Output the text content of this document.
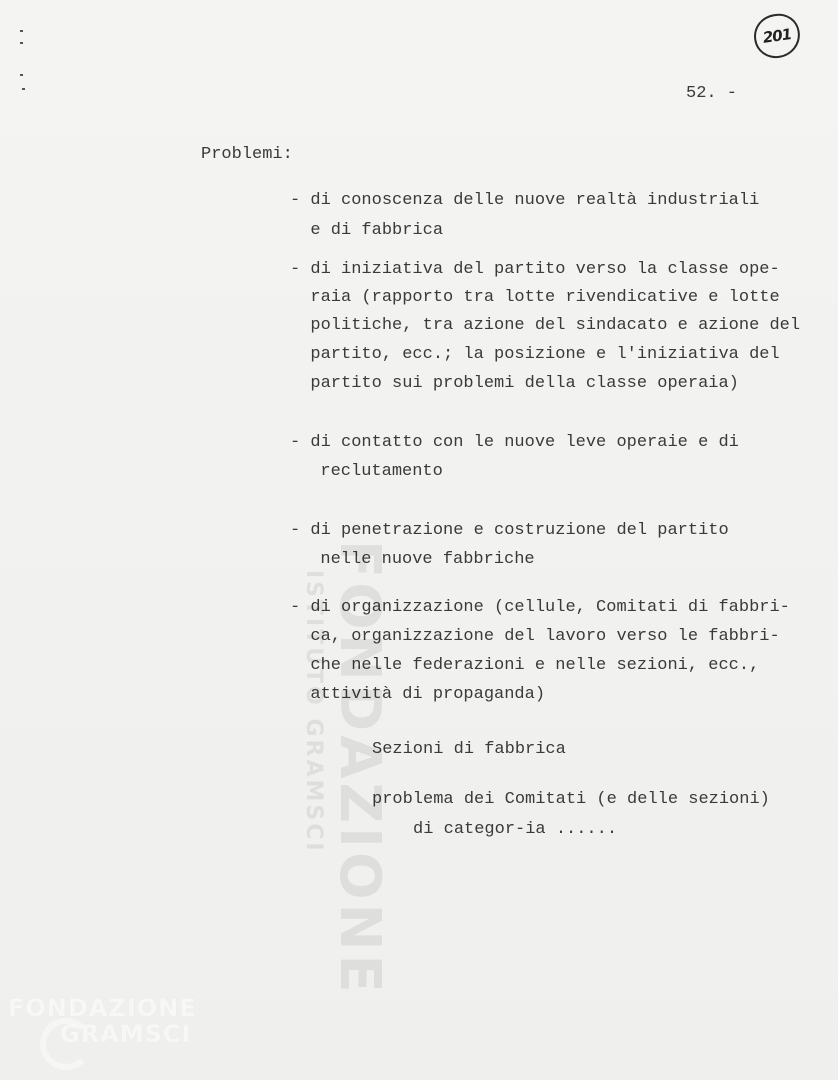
201
52. -
Problemi:
- di conoscenza delle nuove realtà industriali
e di fabbrica
- di iniziativa del partito verso la classe ope-
raia (rapporto tra lotte rivendicative e lotte
politiche, tra azione del sindacato e azione del
partito, ecc.; la posizione e l'iniziativa del
partito sui problemi della classe operaia)
- di contatto con le nuove leve operaie e di
reclutamento
- di penetrazione e costruzione del partito
nelle nuove fabbriche
- di organizzazione (cellule, Comitati di fabbri-
ca, organizzazione del lavoro verso le fabbri-
che nelle federazioni e nelle sezioni, ecc.,
attività di propaganda)
Sezioni di fabbrica
problema dei Comitati (e delle sezioni)
di categor-ia ......
FONDAZIONE
ISTITUTO GRAMSCI
FONDAZIONE
GRAMSCI
